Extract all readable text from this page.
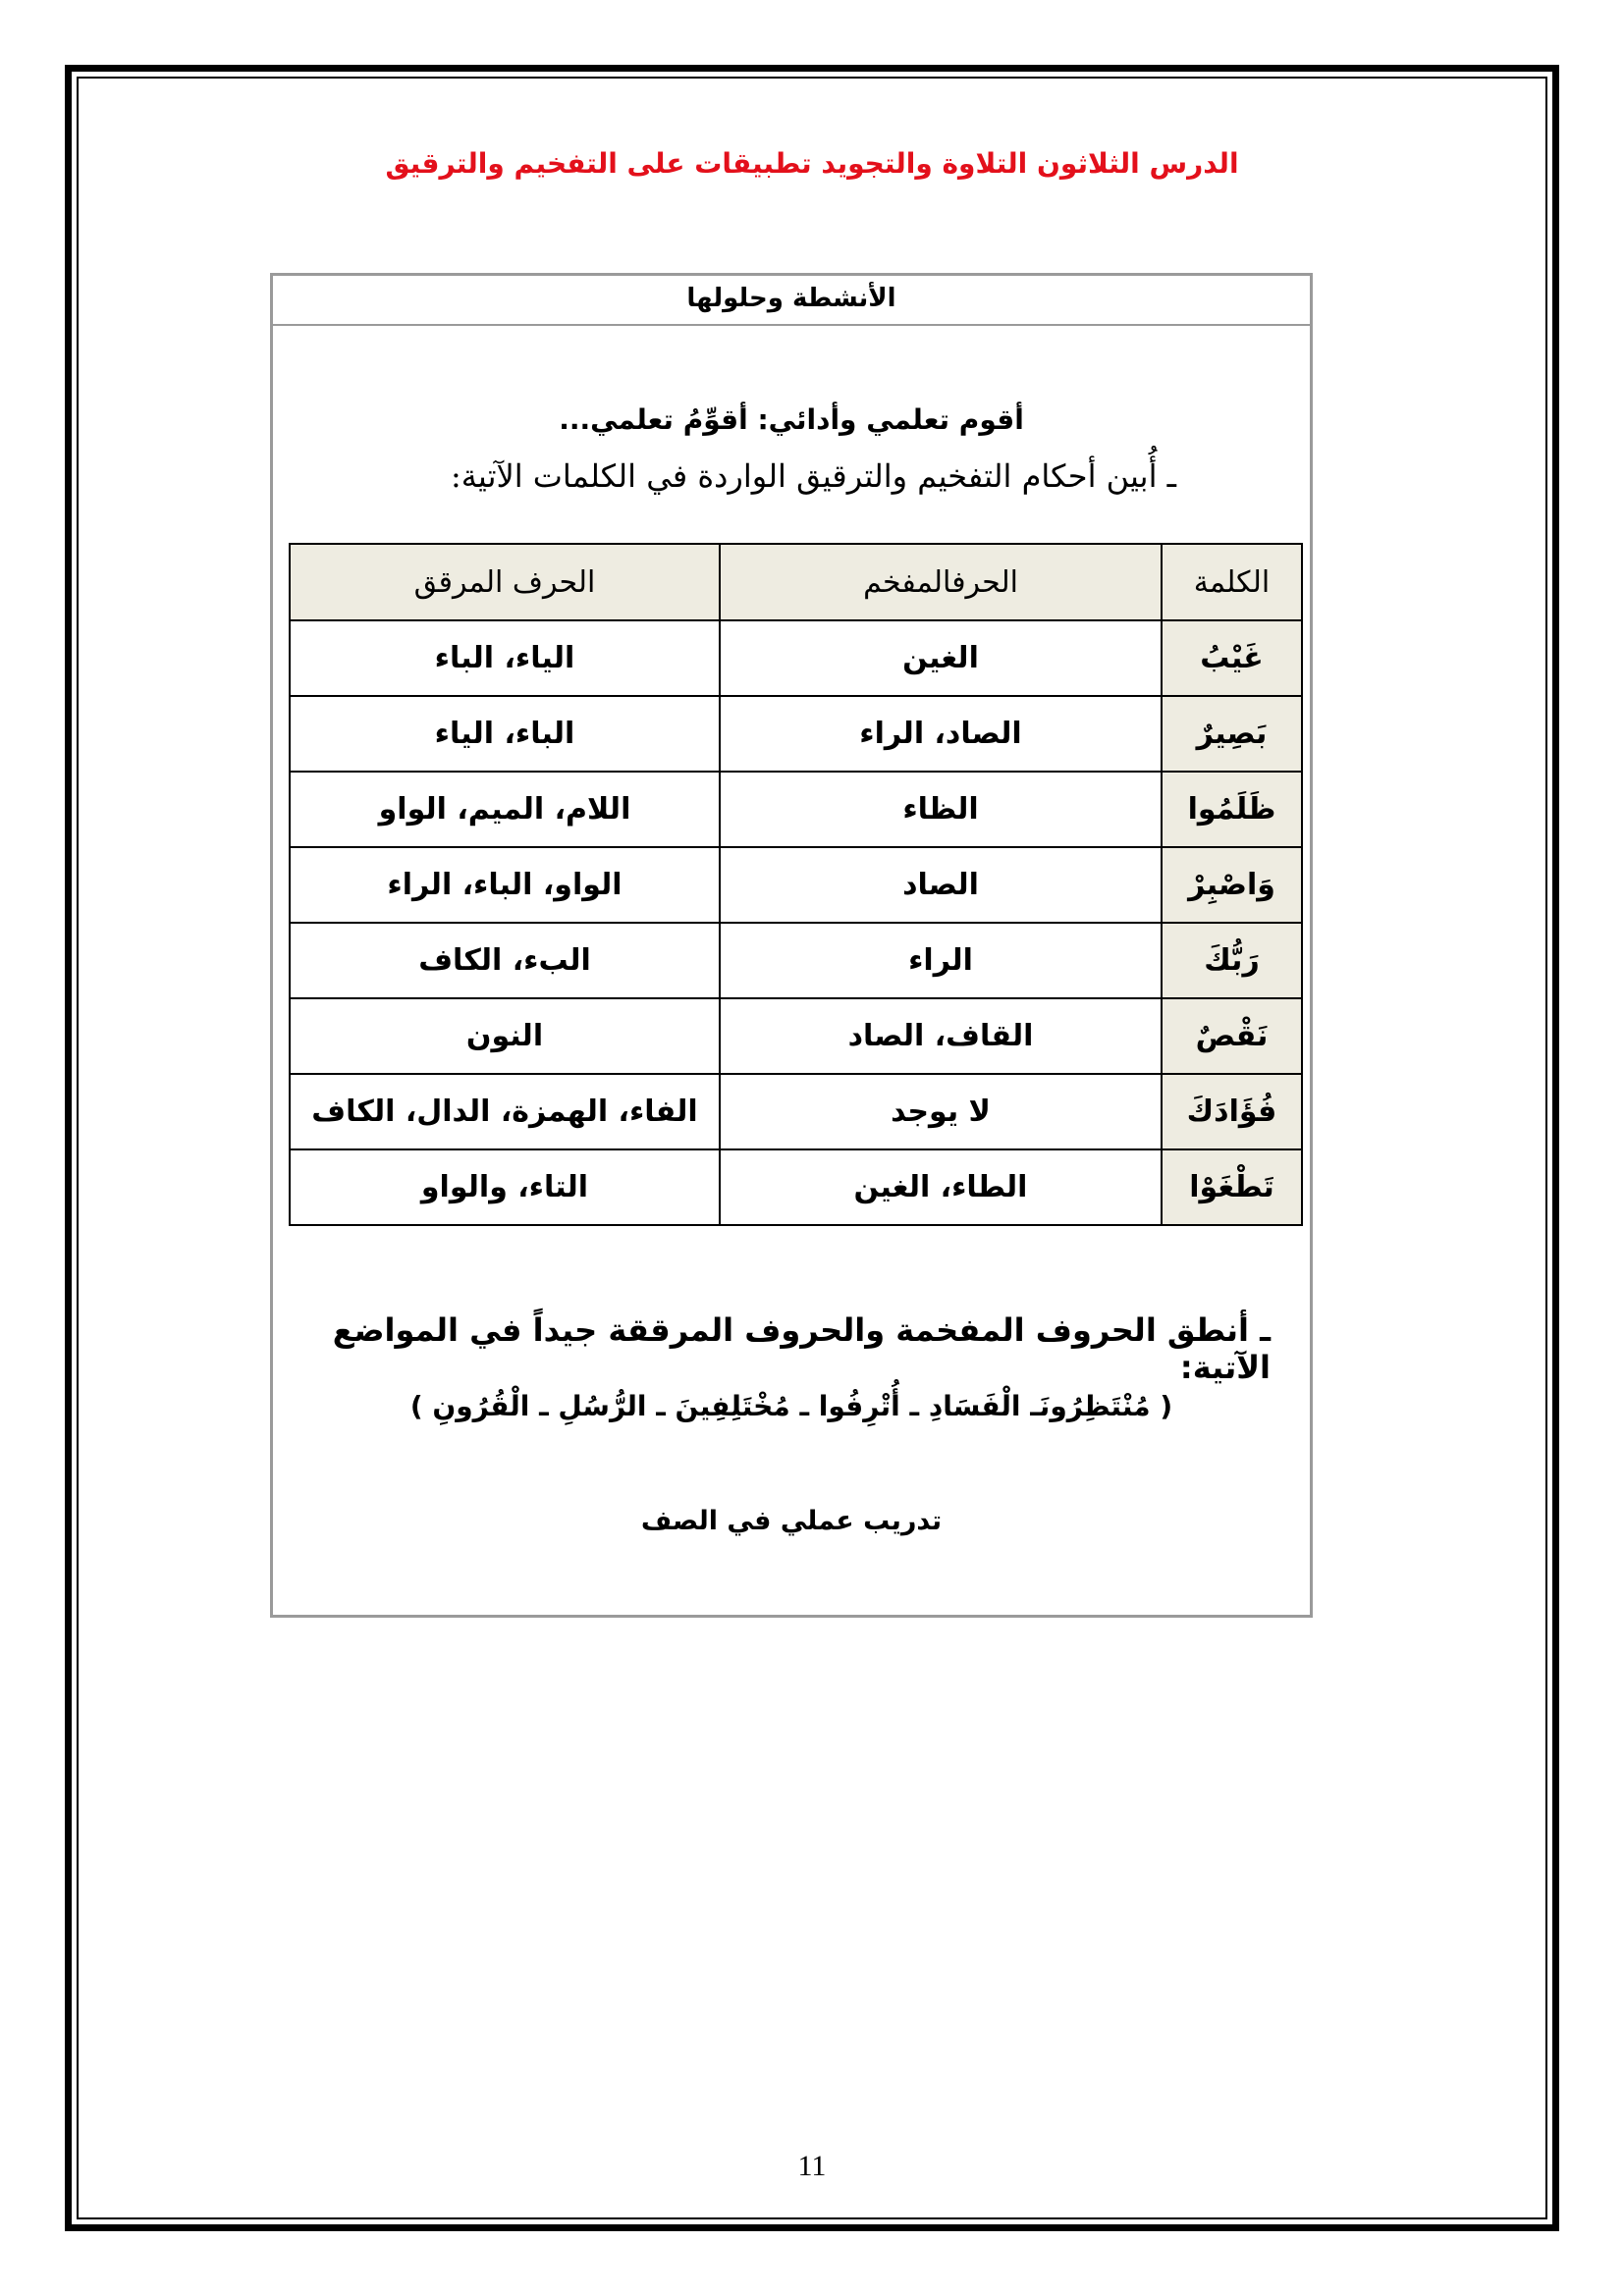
الدرس الثلاثون التلاوة والتجويد تطبيقات على التفخيم والترقيق
الأنشطة وحلولها
أقوم تعلمي وأدائي: أقوِّمُ تعلمي...
ـ أُبين أحكام التفخيم والترقيق الواردة في الكلمات الآتية:
الكلمة	الحرفالمفخم	الحرف المرقق
غَيْبُ	الغين	الياء، الباء
بَصِيرٌ	الصاد، الراء	الباء، الياء
ظَلَمُوا	الظاء	اللام، الميم، الواو
وَاصْبِرْ	الصاد	الواو، الباء، الراء
رَبُّكَ	الراء	البء، الكاف
نَقْصٌ	القاف، الصاد	النون
فُؤَادَكَ	لا يوجد	الفاء، الهمزة، الدال، الكاف
تَطْغَوْا	الطاء، الغين	التاء، والواو
ـ أنطق الحروف المفخمة والحروف المرققة جيداً في المواضع الآتية:
( مُنْتَظِرُونَـ الْفَسَادِ ـ أُتْرِفُوا ـ مُخْتَلِفِينَ ـ الرُّسُلِ ـ الْقُرُونِ )
تدريب عملي في الصف
11
